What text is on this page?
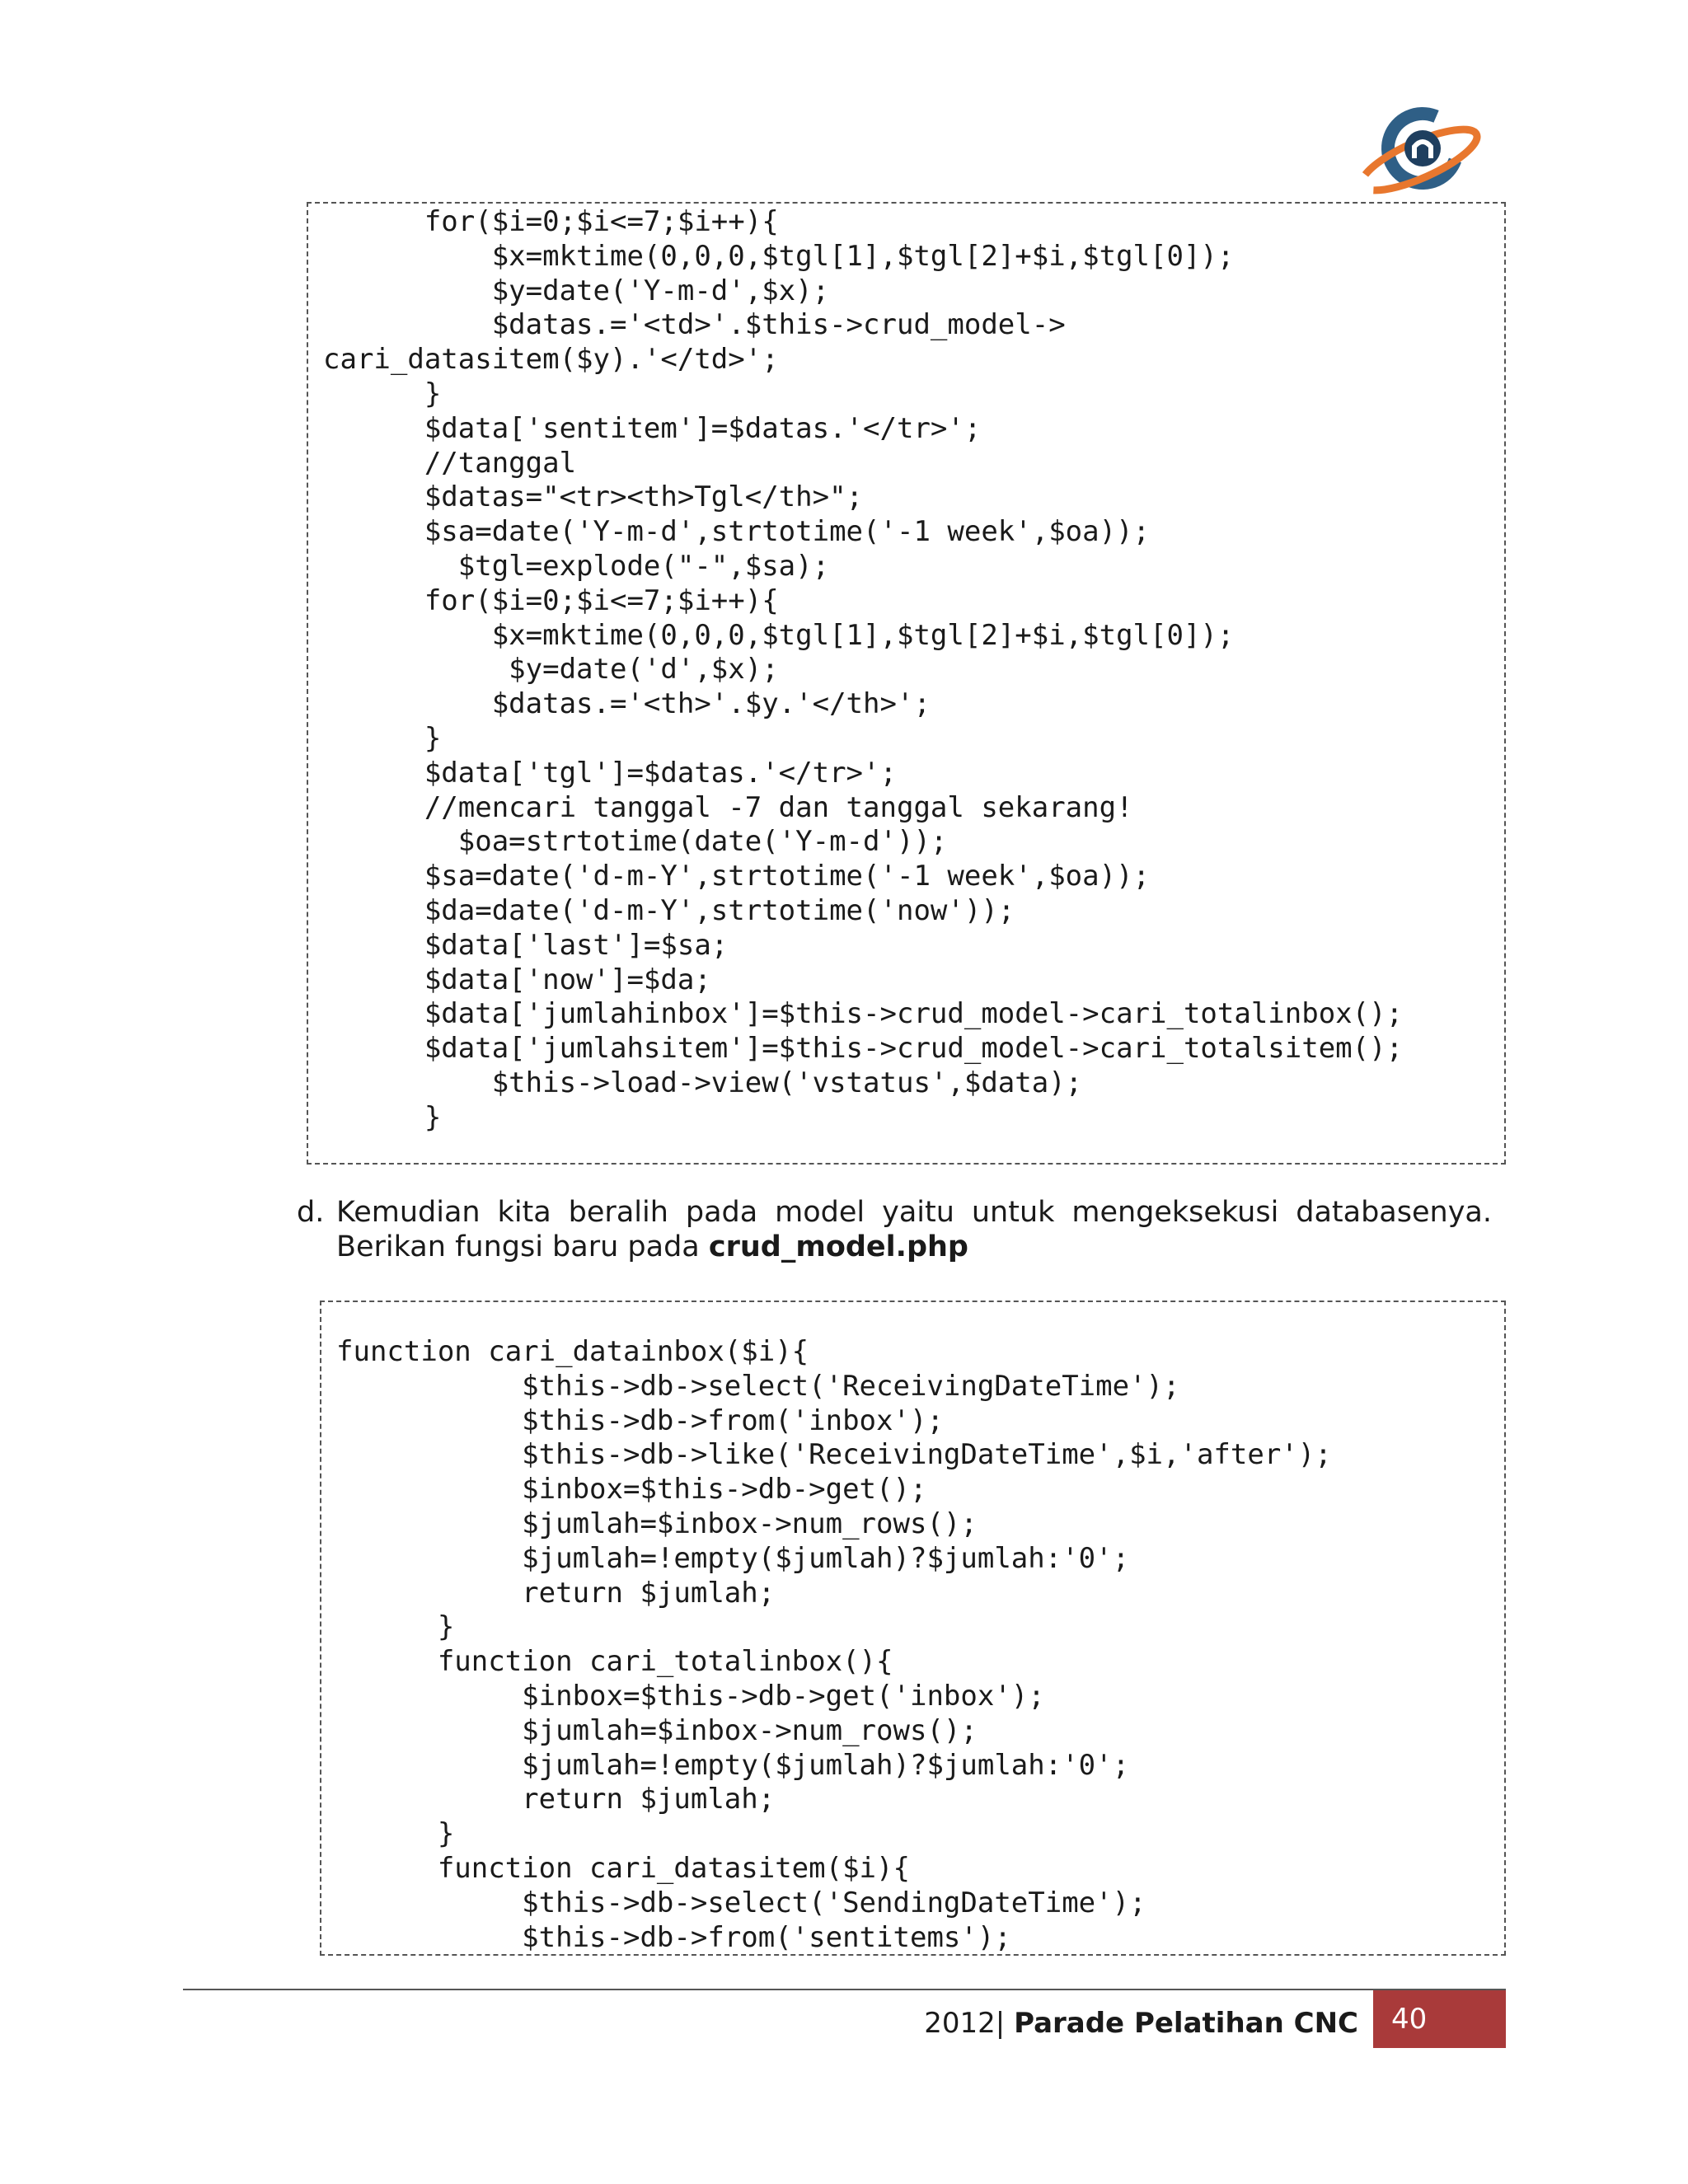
for($i=0;$i<=7;$i++){
$x=mktime(0,0,0,$tgl[1],$tgl[2]+$i,$tgl[0]);
$y=date('Y-m-d',$x);
$datas.='<td>'.$this->crud_model->
cari_datasitem($y).'</td>';
}
$data['sentitem']=$datas.'</tr>';
//tanggal
$datas="<tr><th>Tgl</th>";
$sa=date('Y-m-d',strtotime('-1 week',$oa));
$tgl=explode("-",$sa);
for($i=0;$i<=7;$i++){
$x=mktime(0,0,0,$tgl[1],$tgl[2]+$i,$tgl[0]);
$y=date('d',$x);
$datas.='<th>'.$y.'</th>';
}
$data['tgl']=$datas.'</tr>';
//mencari tanggal -7 dan tanggal sekarang!
$oa=strtotime(date('Y-m-d'));
$sa=date('d-m-Y',strtotime('-1 week',$oa));
$da=date('d-m-Y',strtotime('now'));
$data['last']=$sa;
$data['now']=$da;
$data['jumlahinbox']=$this->crud_model->cari_totalinbox();
$data['jumlahsitem']=$this->crud_model->cari_totalsitem();
$this->load->view('vstatus',$data);
}
d. Kemudian kita beralih pada model yaitu untuk mengeksekusi databasenya.
Berikan fungsi baru pada crud_model.php
function cari_datainbox($i){
$this->db->select('ReceivingDateTime');
$this->db->from('inbox');
$this->db->like('ReceivingDateTime',$i,'after');
$inbox=$this->db->get();
$jumlah=$inbox->num_rows();
$jumlah=!empty($jumlah)?$jumlah:'0';
return $jumlah;
}
function cari_totalinbox(){
$inbox=$this->db->get('inbox');
$jumlah=$inbox->num_rows();
$jumlah=!empty($jumlah)?$jumlah:'0';
return $jumlah;
}
function cari_datasitem($i){
$this->db->select('SendingDateTime');
$this->db->from('sentitems');
2012| Parade Pelatihan CNC	40
